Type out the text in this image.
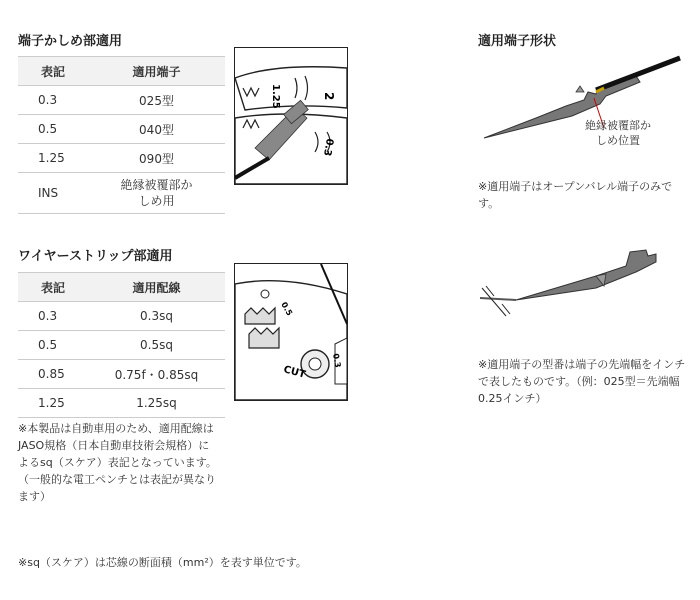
端子かしめ部適用
表記	適用端子
0.3	025型
0.5	040型
1.25	090型
INS	絶縁被覆部かしめ用
1.25	2
0.3
ワイヤーストリップ部適用
表記	適用配線
0.3	0.3sq
0.5	0.5sq
0.85	0.75f・0.85sq
1.25	1.25sq
CUT
0.5
0.3
※本製品は自動車用のため、適用配線はJASO規格（日本自動車技術会規格）によるsq（スケア）表記となっています。（一般的な電工ペンチとは表記が異なります）
※sq（スケア）は芯線の断面積（mm²）を表す単位です。
適用端子形状
絶縁被覆部かしめ位置
※適用端子はオープンバレル端子のみです。
※適用端子の型番は端子の先端幅をインチで表したものです。（例：025型＝先端幅0.25インチ）
